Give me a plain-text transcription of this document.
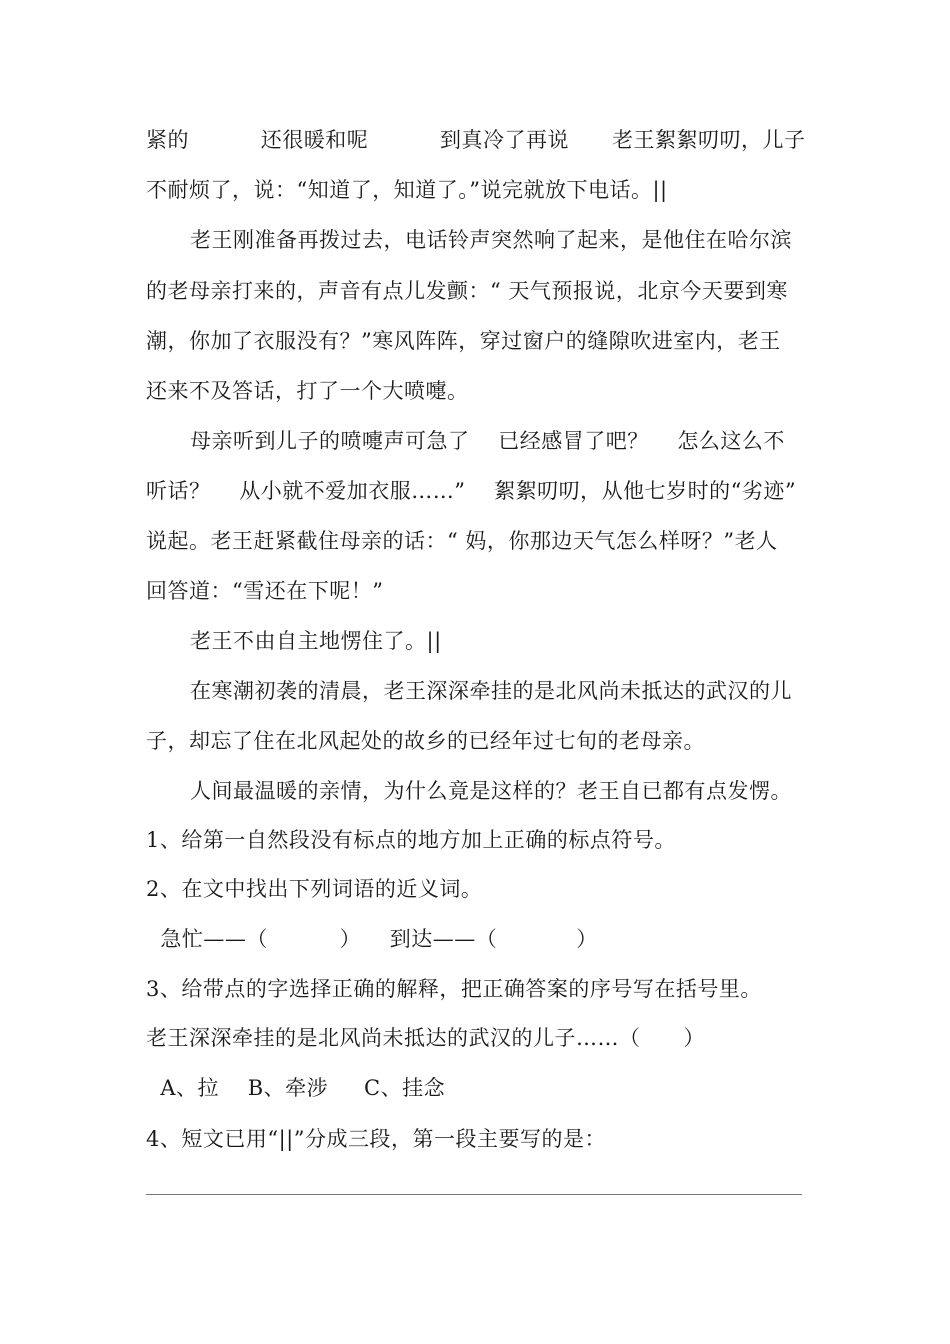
紧的          还很暖和呢          到真冷了再说      老王絮絮叨叨，儿子
不耐烦了，说：“知道了，知道了。”说完就放下电话。||
老王刚准备再拨过去，电话铃声突然响了起来，是他住在哈尔滨
的老母亲打来的，声音有点儿发颤：“ 天气预报说，北京今天要到寒
潮，你加了衣服没有？”寒风阵阵，穿过窗户的缝隙吹进室内，老王
还来不及答话，打了一个大喷嚏。
母亲听到儿子的喷嚏声可急了    已经感冒了吧？    怎么这么不
听话？    从小就不爱加衣服……”    絮絮叨叨，从他七岁时的“劣迹”
说起。老王赶紧截住母亲的话：“ 妈，你那边天气怎么样呀？”老人
回答道：“雪还在下呢！”
老王不由自主地愣住了。||
在寒潮初袭的清晨，老王深深牵挂的是北风尚未抵达的武汉的儿
子，却忘了住在北风起处的故乡的已经年过七旬的老母亲。
人间最温暖的亲情，为什么竟是这样的？老王自已都有点发愣。
1、给第一自然段没有标点的地方加上正确的标点符号。
2、在文中找出下列词语的近义词。
急忙——（          ）    到达——（           ）
3、给带点的字选择正确的解释，把正确答案的序号写在括号里。
老王深深牵挂的是北风尚未抵达的武汉的儿子……（      ）
A、拉    B、牵涉     C、挂念
4、短文已用“||”分成三段，第一段主要写的是：
